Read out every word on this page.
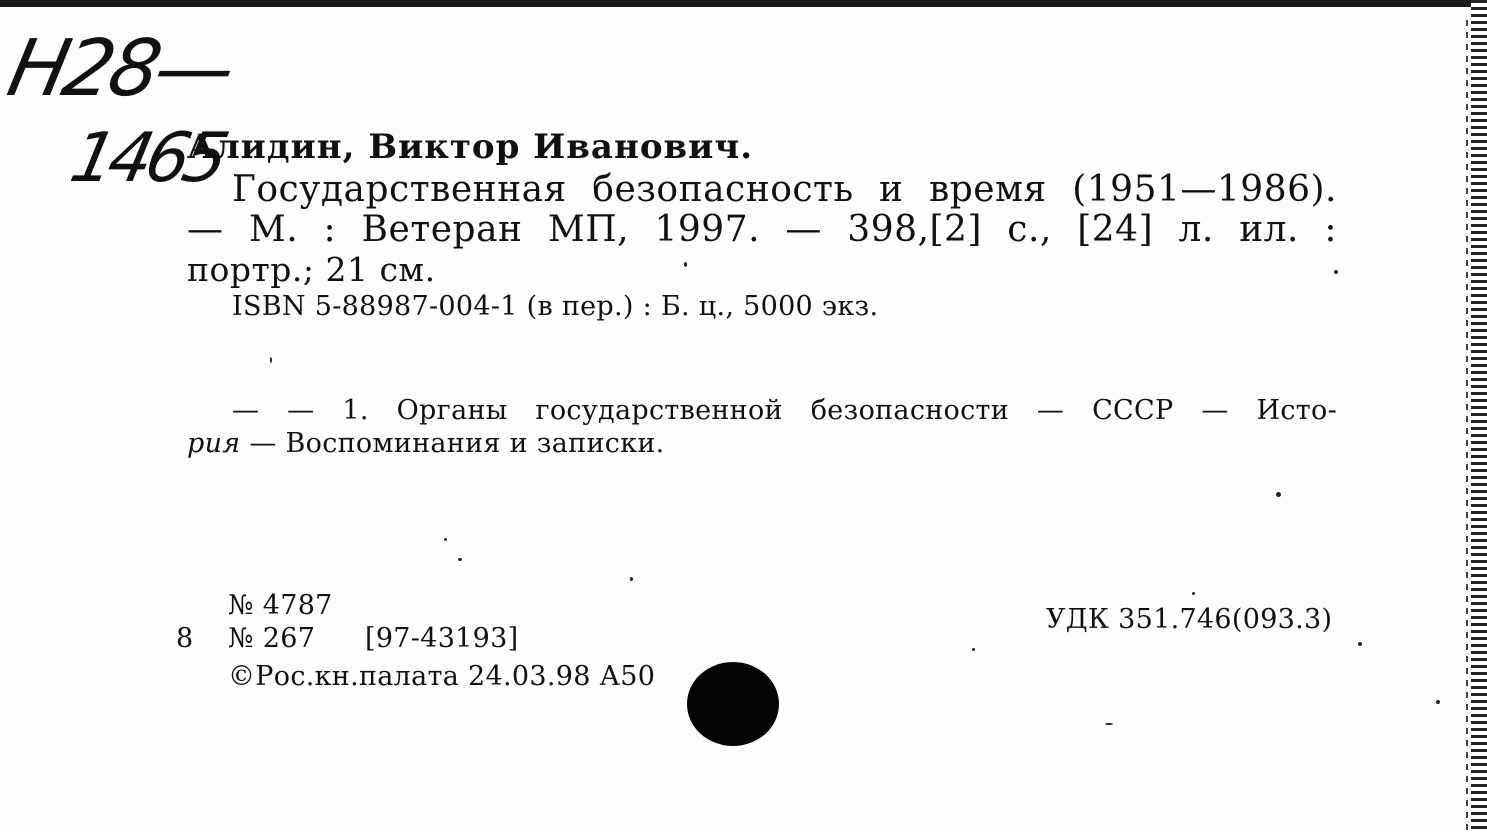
Н28—
1465
Алидин, Виктор Иванович.
Государственная безопасность и время (1951—1986).
— М. : Ветеран МП, 1997. — 398,[2] с., [24] л. ил. :
портр.; 21 см.
ISBN 5-88987-004-1 (в пер.) : Б. ц., 5000 экз.
— — 1. Органы государственной безопасности — СССР — Исто-
рия — Воспоминания и записки.
№ 4787
8 № 267 [97-43193]
©Рос.кн.палата 24.03.98 А50
УДК 351.746(093.3)
